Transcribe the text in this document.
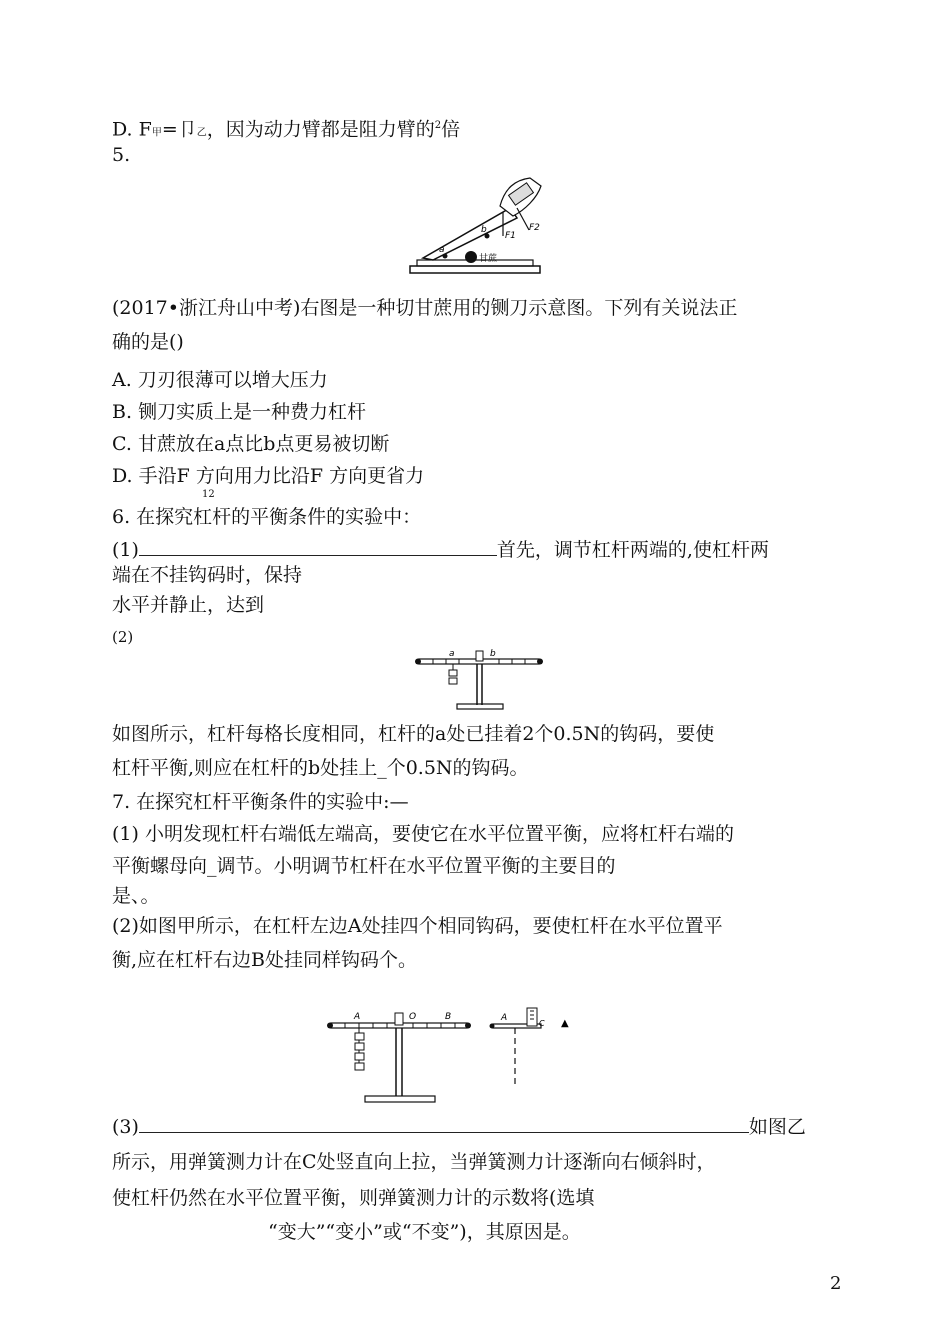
D. F甲=卩乙，因为动力臂都是阻力臂的$^2$倍
5.
a
b
F1
F2
甘蔗
(2017•浙江舟山中考)右图是一种切甘蔗用的铡刀示意图。下列有关说法正
确的是()
A. 刀刃很薄可以增大压力
B. 铡刀实质上是一种费力杠杆
C. 甘蔗放在a点比b点更易被切断
D. 手沿F 方向用力比沿F 方向更省力
12
6. 在探究杠杆的平衡条件的实验中：
(1)	首先，调节杠杆两端的,使杠杆两
端在不挂钩码时，保持
水平并静止，达到
(2)
a	b
如图所示，杠杆每格长度相同，杠杆的a处已挂着2个0.5N的钩码，要使
杠杆平衡,则应在杠杆的b处挂上_个0.5N的钩码。
7. 在探究杠杆平衡条件的实验中:—
(1) 小明发现杠杆右端低左端高，要使它在水平位置平衡，应将杠杆右端的
平衡螺母向_调节。小明调节杠杆在水平位置平衡的主要目的
是、。
(2)如图甲所示，在杠杆左边A处挂四个相同钩码，要使杠杆在水平位置平
衡,应在杠杆右边B处挂同样钩码个。
A	O	B	A
C ▲
(3)	如图乙
所示，用弹簧测力计在C处竖直向上拉，当弹簧测力计逐渐向右倾斜时，
使杠杆仍然在水平位置平衡，则弹簧测力计的示数将(选填
“变大”“变小”或“不变”)，其原因是。
2
